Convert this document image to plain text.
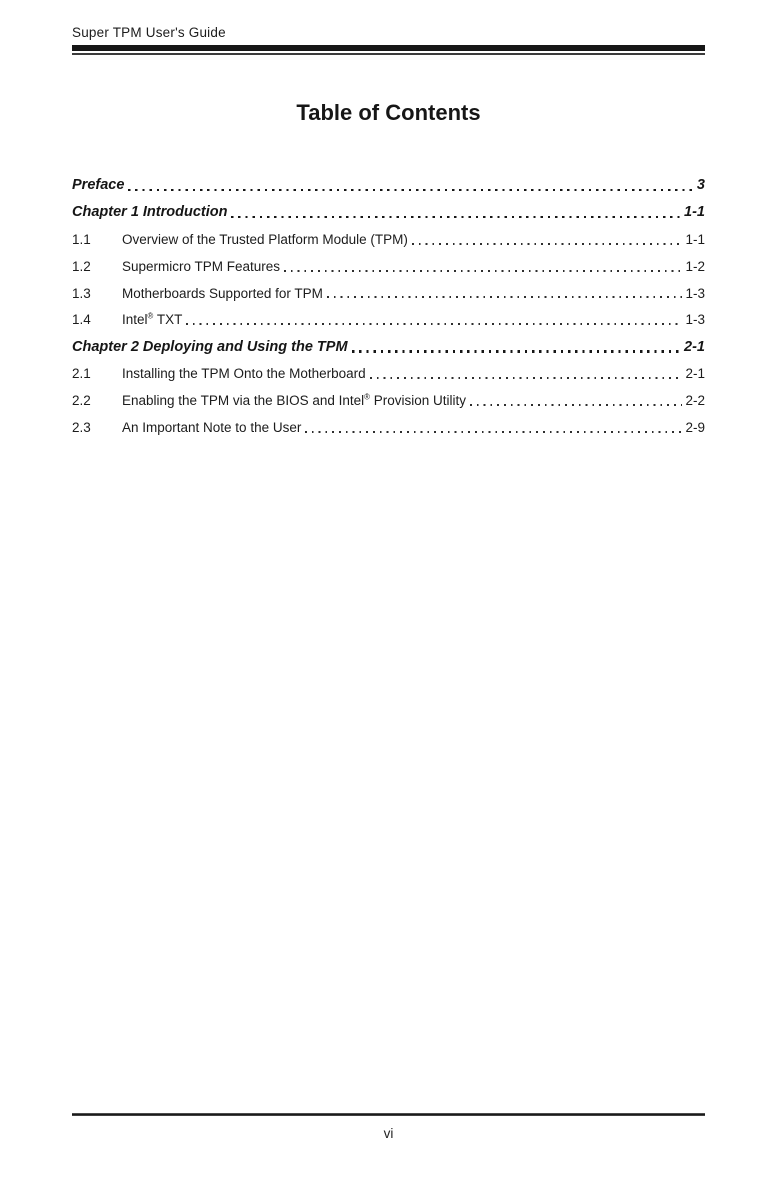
Super TPM User's Guide
Table of Contents
Preface	3
Chapter 1 Introduction	1-1
1.1	Overview of the Trusted Platform Module (TPM)	1-1
1.2	Supermicro TPM Features	1-2
1.3	Motherboards Supported for TPM	1-3
1.4	Intel® TXT	1-3
Chapter 2 Deploying and Using the TPM	2-1
2.1	Installing the TPM Onto the Motherboard	2-1
2.2	Enabling the TPM via the BIOS and Intel® Provision Utility	2-2
2.3	An Important Note to the User	2-9
vi
